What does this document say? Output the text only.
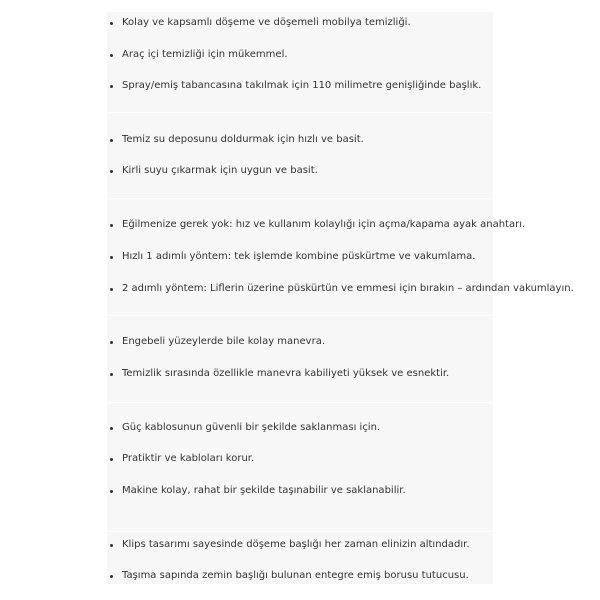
Kolay ve kapsamlı döşeme ve döşemeli mobilya temizliği.
Araç içi temizliği için mükemmel.
Spray/emiş tabancasına takılmak için 110 milimetre genişliğinde başlık.
Temiz su deposunu doldurmak için hızlı ve basit.
Kirli suyu çıkarmak için uygun ve basit.
Eğilmenize gerek yok: hız ve kullanım kolaylığı için açma/kapama ayak anahtarı.
Hızlı 1 adımlı yöntem: tek işlemde kombine püskürtme ve vakumlama.
2 adımlı yöntem: Liflerin üzerine püskürtün ve emmesi için bırakın – ardından vakumlayın.
Engebeli yüzeylerde bile kolay manevra.
Temizlik sırasında özellikle manevra kabiliyeti yüksek ve esnektir.
Güç kablosunun güvenli bir şekilde saklanması için.
Pratiktir ve kabloları korur.
Makine kolay, rahat bir şekilde taşınabilir ve saklanabilir.
Klips tasarımı sayesinde döşeme başlığı her zaman elinizin altındadır.
Taşıma sapında zemin başlığı bulunan entegre emiş borusu tutucusu.
